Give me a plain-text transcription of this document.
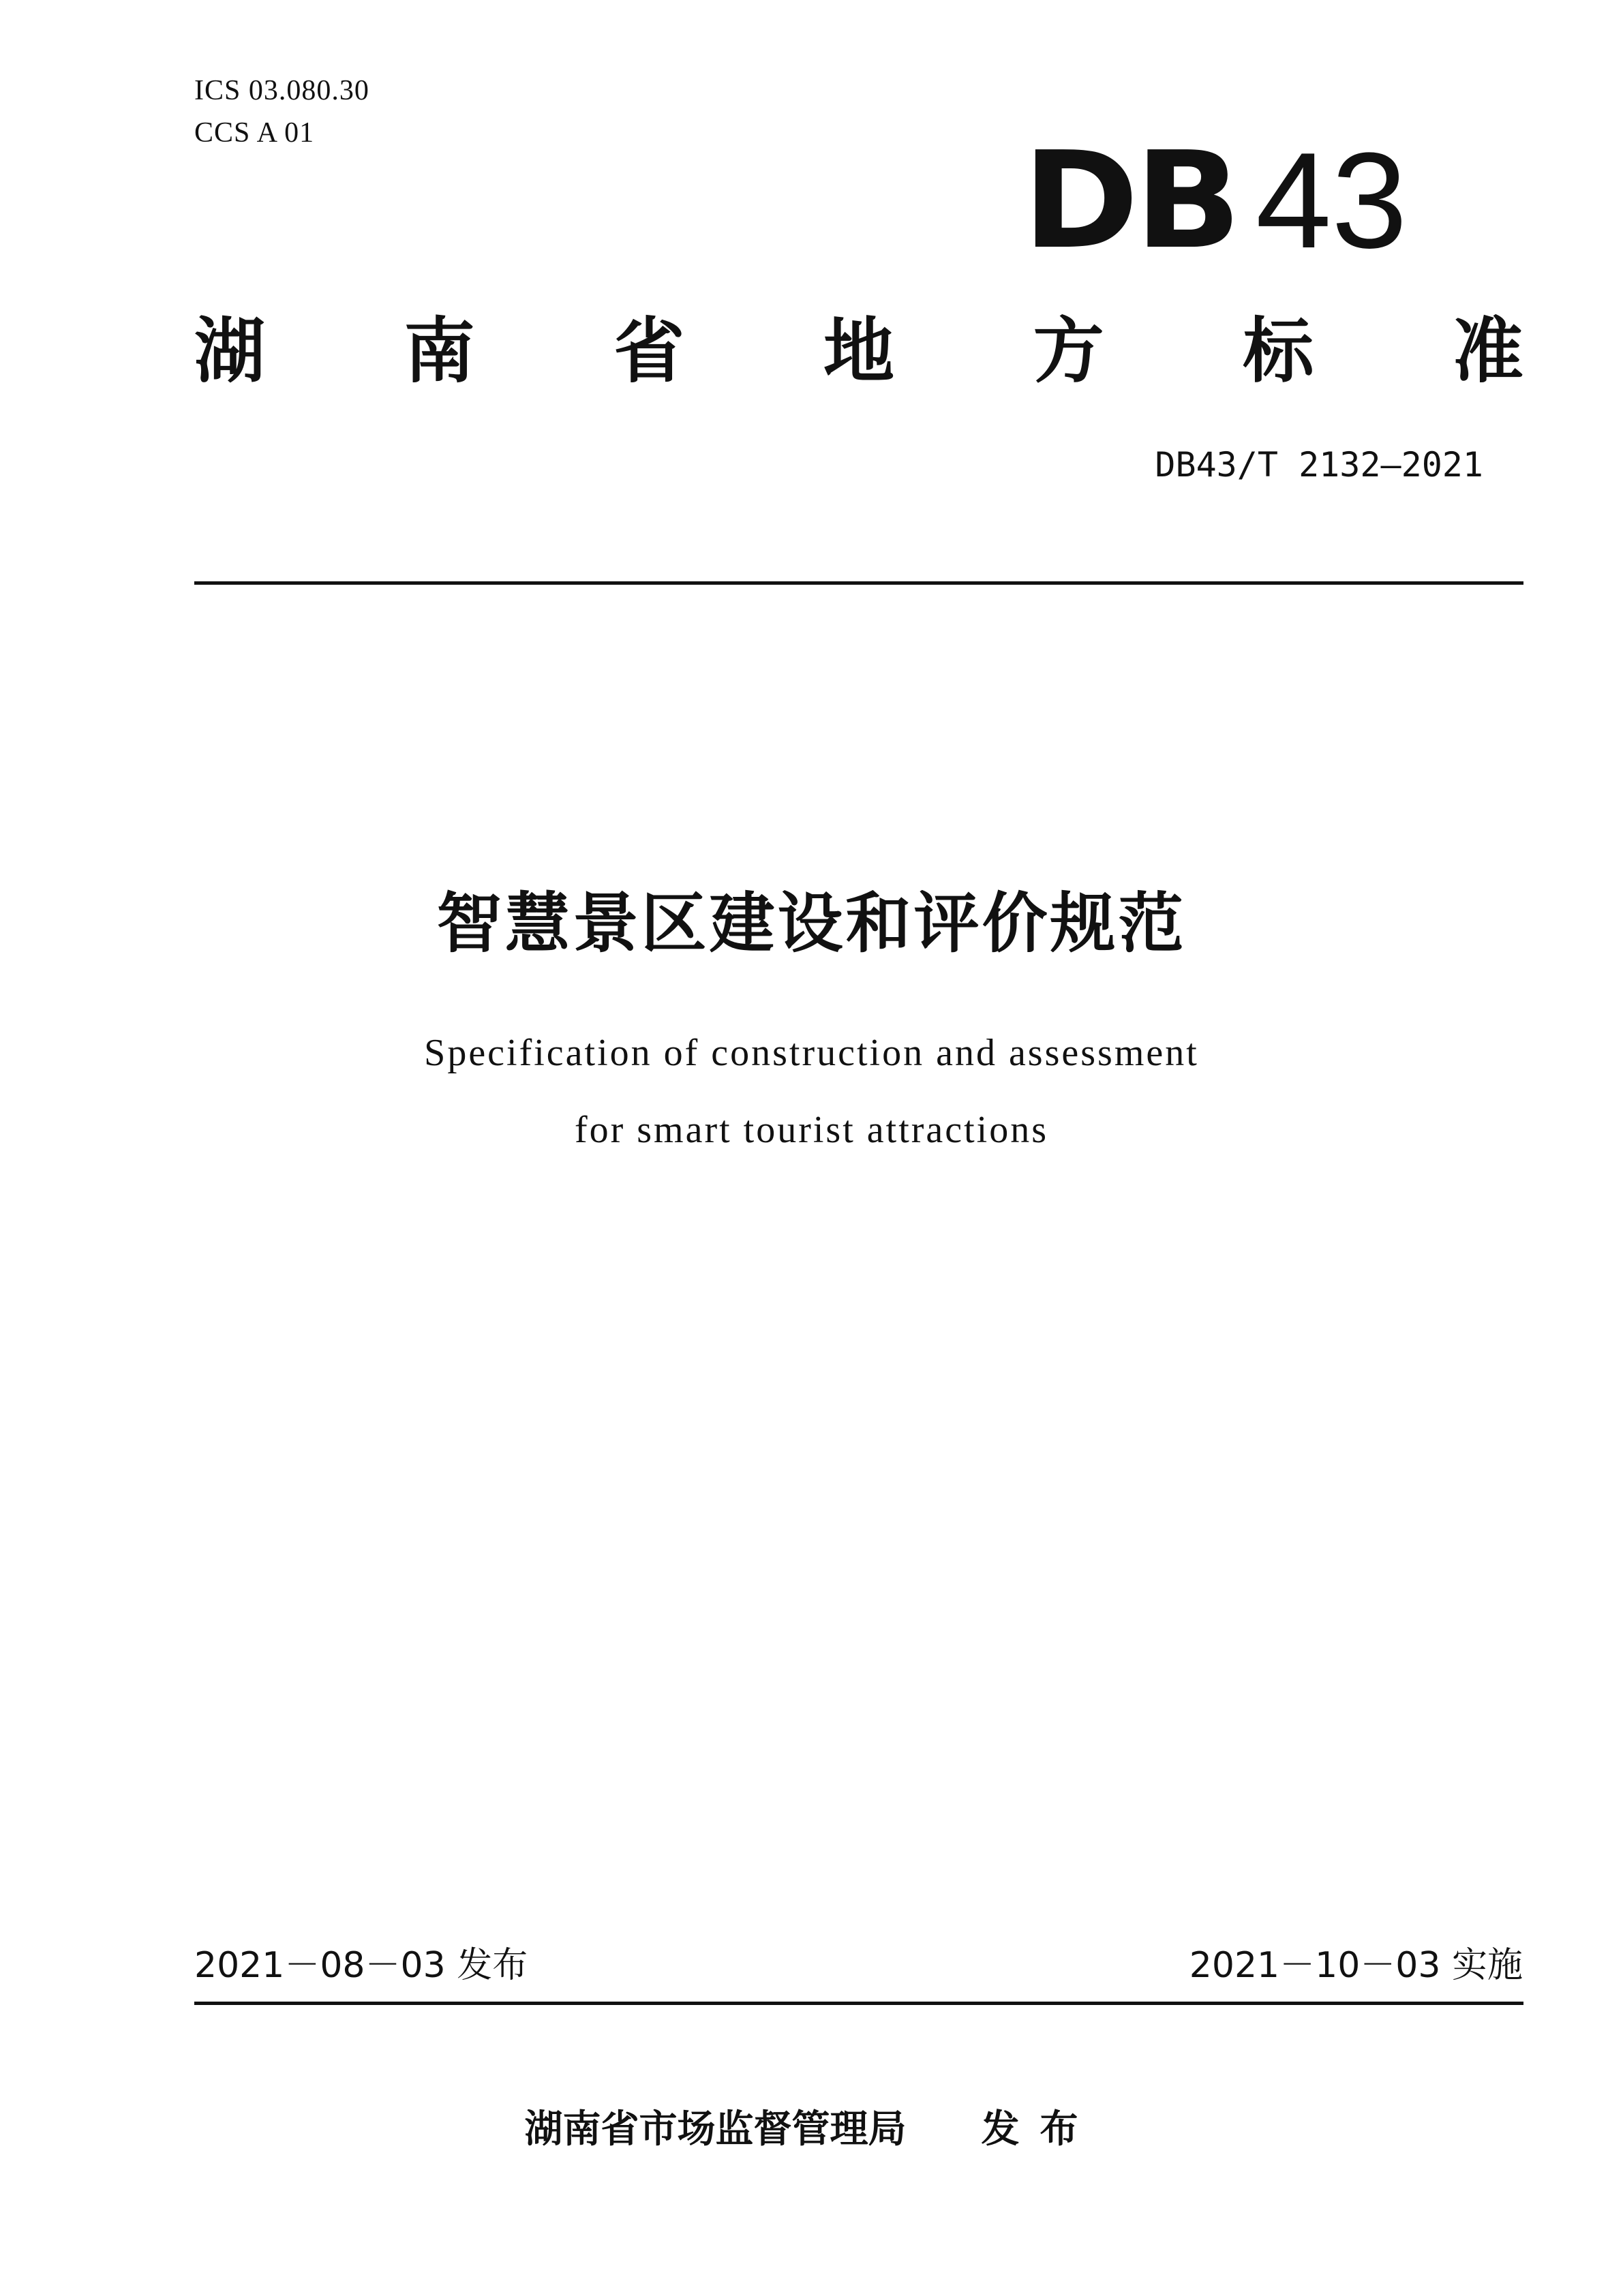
ICS 03.080.30
CCS A 01	DB 43
湖 南 省 地 方 标 准
DB43/T 2132—2021
智慧景区建设和评价规范
Specification of construction and assessment
for smart tourist attractions
2021－08－03 发布	2021－10－03 实施
湖南省市场监督管理局 发布
